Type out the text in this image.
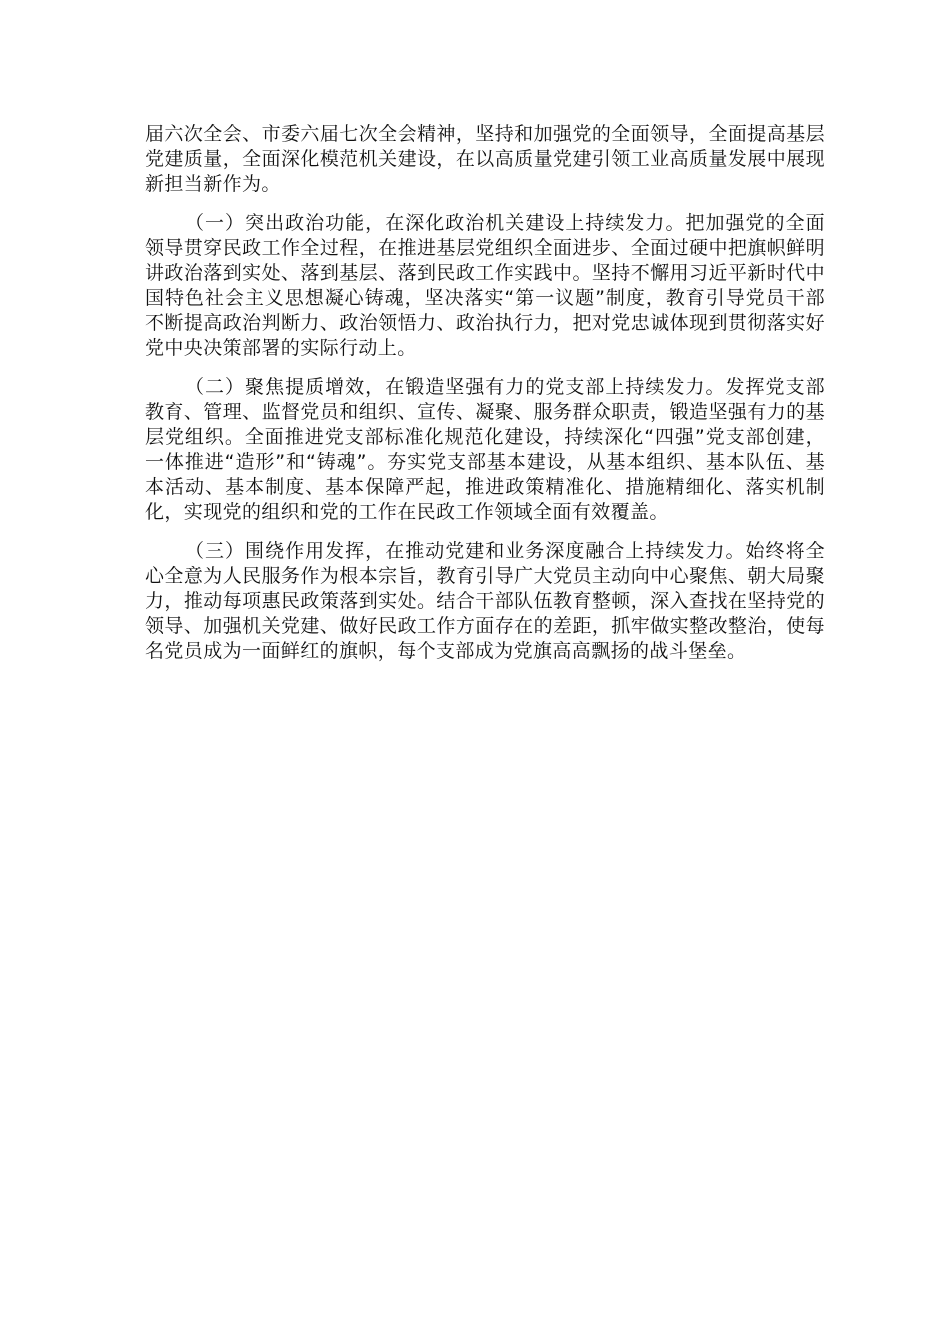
届六次全会、市委六届七次全会精神，坚持和加强党的全面领导，全面提高基层党建质量，全面深化模范机关建设，在以高质量党建引领工业高质量发展中展现新担当新作为。

（一）突出政治功能，在深化政治机关建设上持续发力。把加强党的全面领导贯穿民政工作全过程，在推进基层党组织全面进步、全面过硬中把旗帜鲜明讲政治落到实处、落到基层、落到民政工作实践中。坚持不懈用习近平新时代中国特色社会主义思想凝心铸魂，坚决落实“第一议题”制度，教育引导党员干部不断提高政治判断力、政治领悟力、政治执行力，把对党忠诚体现到贯彻落实好党中央决策部署的实际行动上。

（二）聚焦提质增效，在锻造坚强有力的党支部上持续发力。发挥党支部教育、管理、监督党员和组织、宣传、凝聚、服务群众职责，锻造坚强有力的基层党组织。全面推进党支部标准化规范化建设，持续深化“四强”党支部创建，一体推进“造形”和“铸魂”。夯实党支部基本建设，从基本组织、基本队伍、基本活动、基本制度、基本保障严起，推进政策精准化、措施精细化、落实机制化，实现党的组织和党的工作在民政工作领域全面有效覆盖。

（三）围绕作用发挥，在推动党建和业务深度融合上持续发力。始终将全心全意为人民服务作为根本宗旨，教育引导广大党员主动向中心聚焦、朝大局聚力，推动每项惠民政策落到实处。结合干部队伍教育整顿，深入查找在坚持党的领导、加强机关党建、做好民政工作方面存在的差距，抓牢做实整改整治，使每名党员成为一面鲜红的旗帜，每个支部成为党旗高高飘扬的战斗堡垒。
